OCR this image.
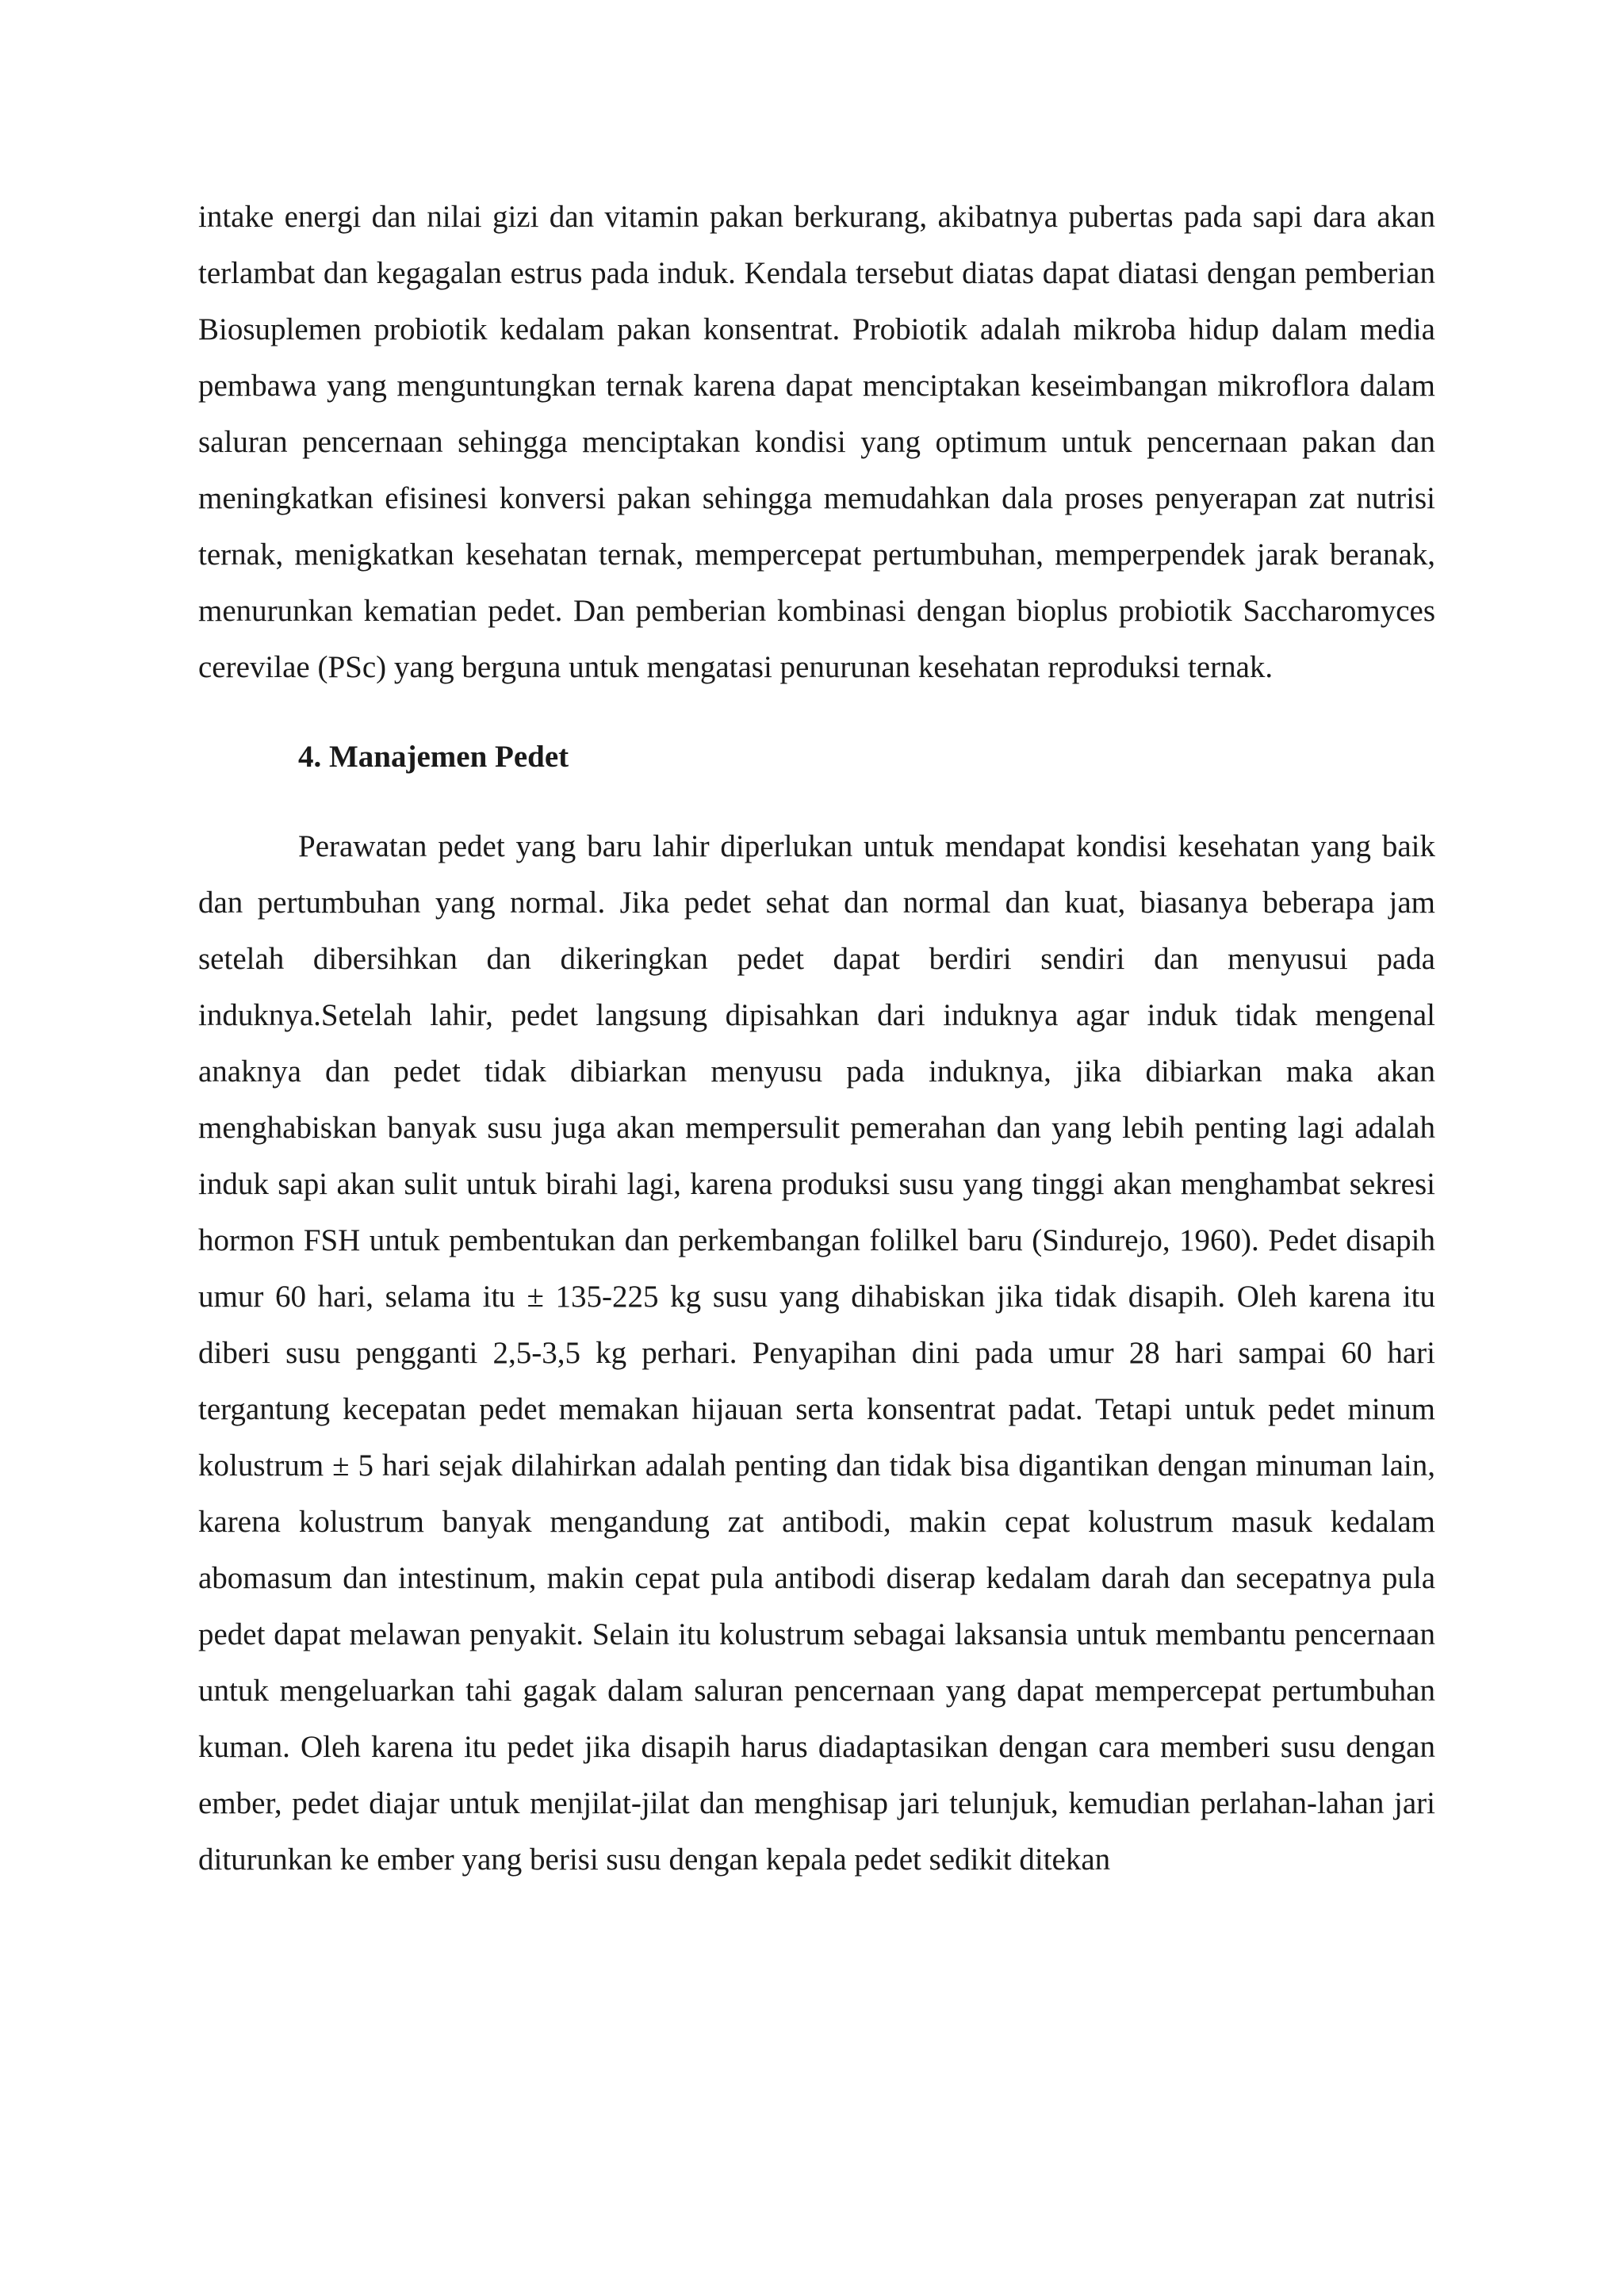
intake energi dan nilai gizi dan vitamin pakan berkurang, akibatnya pubertas pada sapi dara akan terlambat dan kegagalan estrus pada induk. Kendala tersebut diatas dapat diatasi dengan pemberian Biosuplemen probiotik kedalam pakan konsentrat. Probiotik adalah mikroba hidup dalam media pembawa yang menguntungkan ternak karena dapat menciptakan keseimbangan mikroflora dalam saluran pencernaan sehingga menciptakan kondisi yang optimum untuk pencernaan pakan dan meningkatkan efisinesi konversi pakan sehingga memudahkan dala proses penyerapan zat nutrisi ternak, menigkatkan kesehatan ternak, mempercepat pertumbuhan, memperpendek jarak beranak, menurunkan kematian pedet. Dan pemberian kombinasi dengan bioplus probiotik Saccharomyces cerevilae (PSc) yang berguna untuk mengatasi penurunan kesehatan reproduksi ternak.

4. Manajemen Pedet

Perawatan pedet yang baru lahir diperlukan untuk mendapat kondisi kesehatan yang baik dan pertumbuhan yang normal. Jika pedet sehat dan normal dan kuat, biasanya beberapa jam setelah dibersihkan dan dikeringkan pedet dapat berdiri sendiri dan menyusui pada induknya.Setelah lahir, pedet langsung dipisahkan dari induknya agar induk tidak mengenal anaknya dan pedet tidak dibiarkan menyusu pada induknya, jika dibiarkan maka akan menghabiskan banyak susu juga akan mempersulit pemerahan dan yang lebih penting lagi adalah induk sapi akan sulit untuk birahi lagi, karena produksi susu yang tinggi akan menghambat sekresi hormon FSH untuk pembentukan dan perkembangan folilkel baru (Sindurejo, 1960). Pedet disapih umur 60 hari, selama itu ± 135-225 kg susu yang dihabiskan jika tidak disapih. Oleh karena itu diberi susu pengganti 2,5-3,5 kg perhari. Penyapihan dini pada umur 28 hari sampai 60 hari tergantung kecepatan pedet memakan hijauan serta konsentrat padat. Tetapi untuk pedet minum kolustrum ± 5 hari sejak dilahirkan adalah penting dan tidak bisa digantikan dengan minuman lain, karena kolustrum banyak mengandung zat antibodi, makin cepat kolustrum masuk kedalam abomasum dan intestinum, makin cepat pula antibodi diserap kedalam darah dan secepatnya pula pedet dapat melawan penyakit. Selain itu kolustrum sebagai laksansia untuk membantu pencernaan untuk mengeluarkan tahi gagak dalam saluran pencernaan yang dapat mempercepat pertumbuhan kuman. Oleh karena itu pedet jika disapih harus diadaptasikan dengan cara memberi susu dengan ember, pedet diajar untuk menjilat-jilat dan menghisap jari telunjuk, kemudian perlahan-lahan jari diturunkan ke ember yang berisi susu dengan kepala pedet sedikit ditekan
